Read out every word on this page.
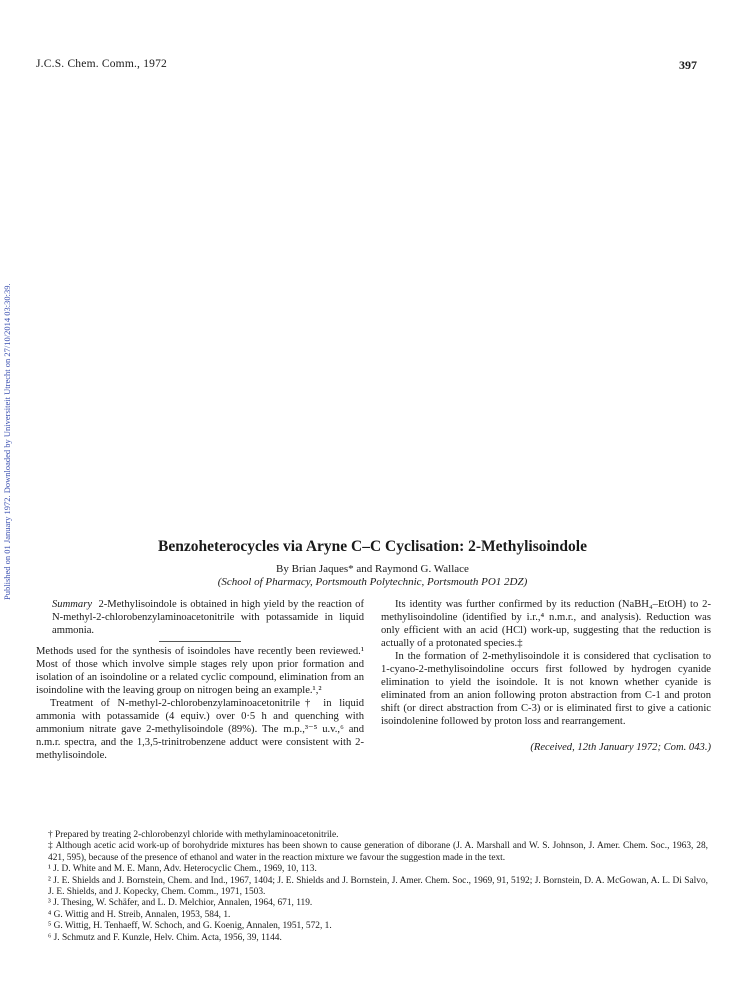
J.C.S. Chem. Comm., 1972	397
Published on 01 January 1972. Downloaded by Universiteit Utrecht on 27/10/2014 03:30:39.	Benzoheterocycles via Aryne C–C Cyclisation: 2-Methylisoindole
By Brian Jaques* and Raymond G. Wallace
(School of Pharmacy, Portsmouth Polytechnic, Portsmouth PO1 2DZ)

Summary 2-Methylisoindole is obtained in high yield by the reaction of N-methyl-2-chlorobenzylaminoacetonitrile with potassamide in liquid ammonia.

Methods used for the synthesis of isoindoles have recently been reviewed.¹ Most of those which involve simple stages rely upon prior formation and isolation of an isoindoline or a related cyclic compound, elimination from an isoindoline with the leaving group on nitrogen being an example.¹,²

Treatment of N-methyl-2-chlorobenzylaminoacetonitrile† in liquid ammonia with potassamide (4 equiv.) over 0·5 h and quenching with ammonium nitrate gave 2-methylisoindole (89%). The m.p.,³⁻⁵ u.v.,⁶ and n.m.r. spectra, and the 1,3,5-trinitrobenzene adduct were consistent with 2-methylisoindole.

Its identity was further confirmed by its reduction (NaBH₄–EtOH) to 2-methylisoindoline (identified by i.r.,⁴ n.m.r., and analysis). Reduction was only efficient with an acid (HCl) work-up, suggesting that the reduction is actually of a protonated species.‡

In the formation of 2-methylisoindole it is considered that cyclisation to 1-cyano-2-methylisoindoline occurs first followed by hydrogen cyanide elimination to yield the isoindole. It is not known whether cyanide is eliminated from an anion following proton abstraction from C-1 and proton shift (or direct abstraction from C-3) or is eliminated first to give a cationic isoindolenine followed by proton loss and rearrangement.

(Received, 12th January 1972; Com. 043.)

† Prepared by treating 2-chlorobenzyl chloride with methylaminoacetonitrile.

‡ Although acetic acid work-up of borohydride mixtures has been shown to cause generation of diborane (J. A. Marshall and W. S. Johnson, J. Amer. Chem. Soc., 1963, 28, 421, 595), because of the presence of ethanol and water in the reaction mixture we favour the suggestion made in the text.

¹ J. D. White and M. E. Mann, Adv. Heterocyclic Chem., 1969, 10, 113.

² J. E. Shields and J. Bornstein, Chem. and Ind., 1967, 1404; J. E. Shields and J. Bornstein, J. Amer. Chem. Soc., 1969, 91, 5192; J. Bornstein, D. A. McGowan, A. L. Di Salvo, J. E. Shields, and J. Kopecky, Chem. Comm., 1971, 1503.

³ J. Thesing, W. Schäfer, and L. D. Melchior, Annalen, 1964, 671, 119.

⁴ G. Wittig and H. Streib, Annalen, 1953, 584, 1.

⁵ G. Wittig, H. Tenhaeff, W. Schoch, and G. Koenig, Annalen, 1951, 572, 1.

⁶ J. Schmutz and F. Kunzle, Helv. Chim. Acta, 1956, 39, 1144.
